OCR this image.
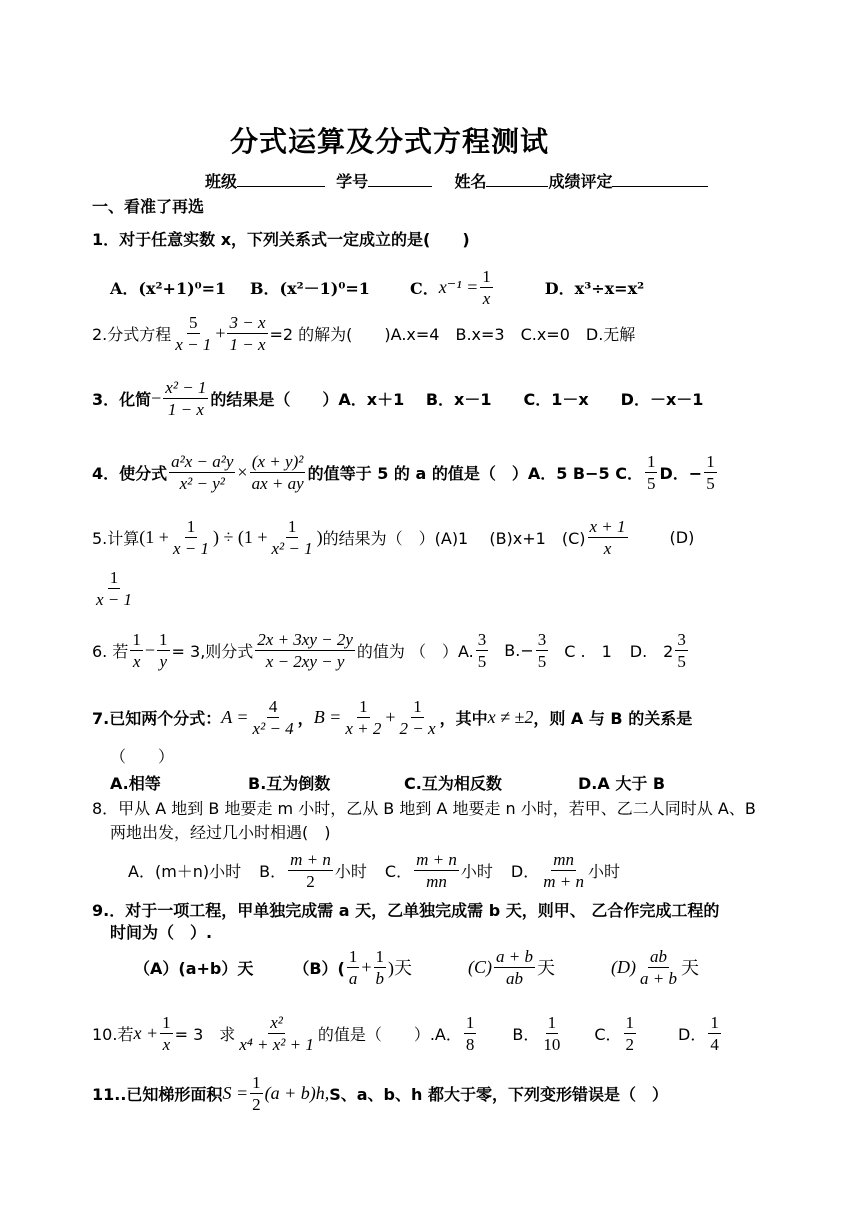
分式运算及分式方程测试
班级	学号	姓名	成绩评定
一、看准了再选
1．对于任意实数 x，下列关系式一定成立的是(　　)
A．(x²+1)⁰=1	B．(x²－1)⁰=1	C． $x^{-1} = \frac{1}{x}$	D．x³÷x=x²
2.分式方程 $\frac{5}{x - 1} + \frac{3 - x}{1 - x} =2$ 的解为(　　)A.x=4　B.x=3　C.x=0　D.无解
3．化简 − $\frac{\text{x² − 1}}{1 - x}$ 的结果是（　　）A．x＋1　 B．x－1　　C．1－x　　D．－x－1
4．使分式 $\frac{\text{a²x − a²y}}{\text{x² − y²}} \times \frac{\text{(x + y)²}}{ax + ay}$ 的值等于 5 的 a 的值是（　）A．5 B−5 C． $\frac{1}{5}$ D．− $\frac{1}{5}$
5.计算 ($1 + \frac{1}{x - 1}$ ) ÷ ($1 + \frac{1}{\text{x² − 1}}$ ) 的结果为（　）(A)1　 (B)x+1　$(C) \frac{x + 1}{x}$	(D)
$\frac{1}{x - 1}$
6. 若 $\frac{1}{x} - \frac{1}{y} = 3$,则分式 $\frac{2x + 3xy - 2y}{x - 2xy - y}$ 的值为 （　）A. $\frac{3}{5} B.- \frac{3}{5}$ C .　1 D.　$2 \frac{3}{5}$
7.已知两个分式： $A = \frac{4}{\text{x² − 4}}$ ， $B = \frac{1}{x + 2} + \frac{1}{2 - x}$ ，其中 x ≠ ±2 ，则 A 与 B 的关系是
（　　）
A.相等	B.互为倒数	C.互为相反数	D.A 大于 B
8．甲从 A 地到 B 地要走 m 小时，乙从 B 地到 A 地要走 n 小时，若甲、乙二人同时从 A、B
两地出发，经过几小时相遇(　)
A．(m＋n)小时 B． $\frac{m + n}{2}$ 小时 C． $\frac{m + n}{mn}$ 小时 D． $\frac{mn}{m + n}$ 小时
9.．对于一项工程，甲单独完成需 a 天，乙单独完成需 b 天，则甲、 乙合作完成工程的
时间为（　）.
（A）(a+b）天	$(B)( \frac{1}{a} + \frac{1}{b}$ )天	$(C) \frac{a + b}{ab}$ 天	$(D) \frac{ab}{a + b}$ 天
10.若 $x + \frac{1}{x} = 3$　求 $\frac{\text{x²}}{\text{x⁴ + x² + 1}}$ 的值是（　　）.A． $\frac{1}{8}$ B． $\frac{1}{10}$ C． $\frac{1}{2}$	D． $\frac{1}{4}$
11..已知梯形面积 $S = \frac{1}{2} (a + b)h$, S、a、b、h 都大于零，下列变形错误是（　）
